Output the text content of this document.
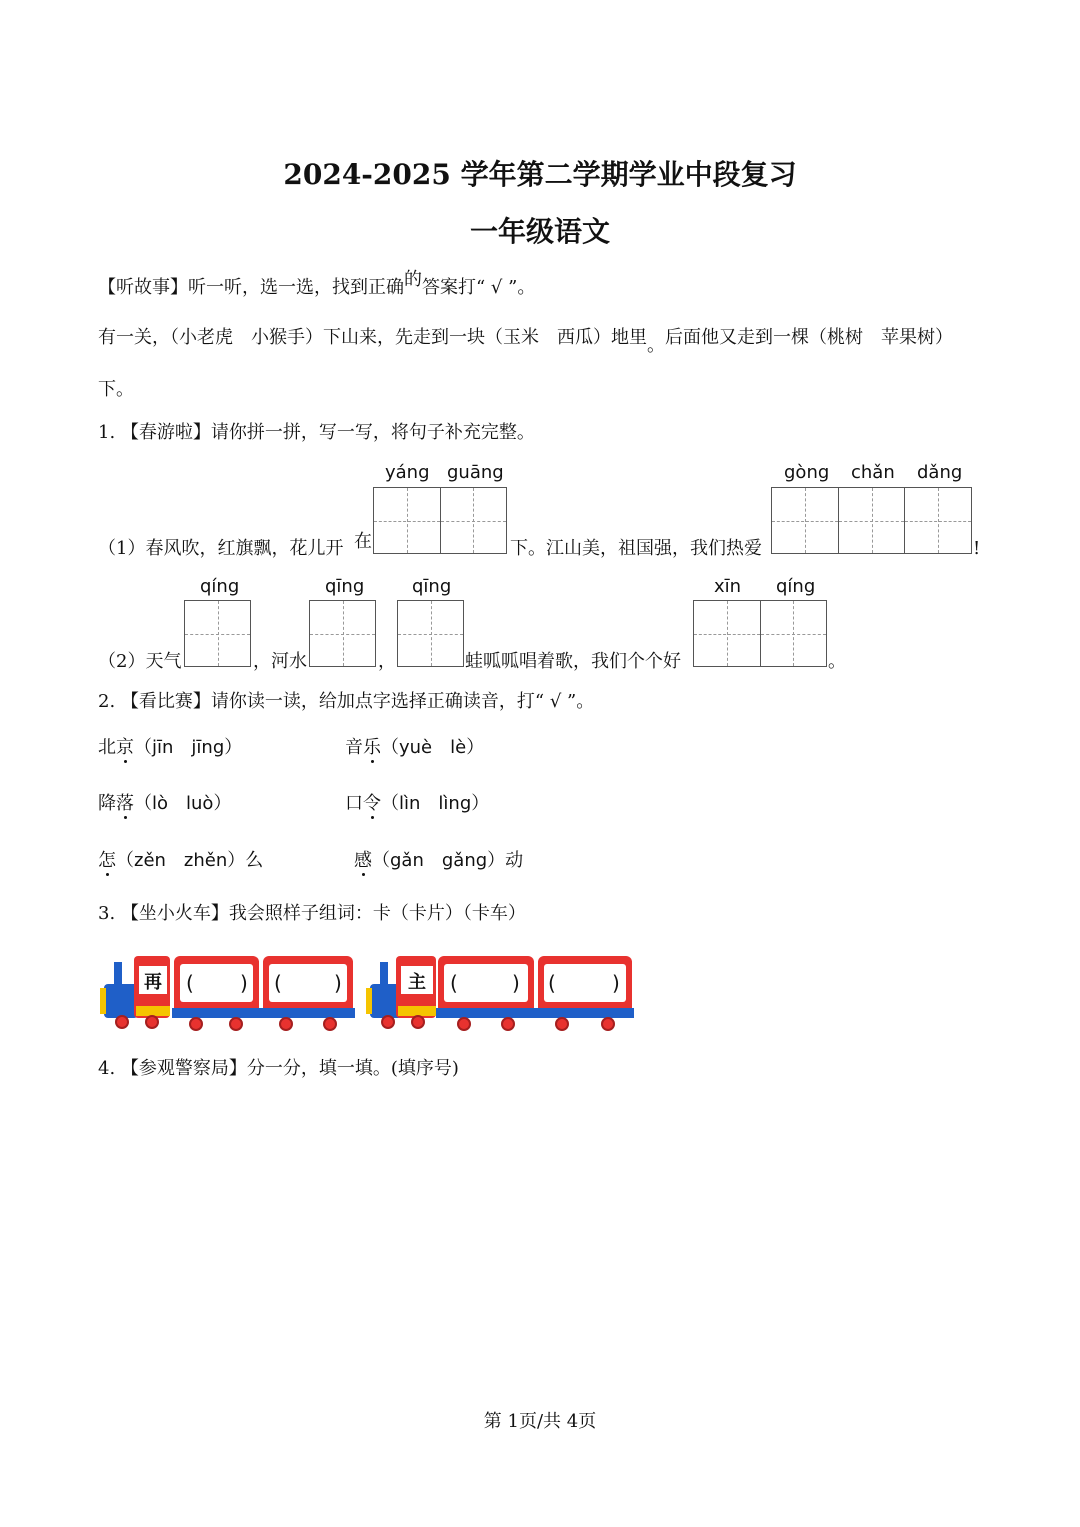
2024-2025 学年第二学期学业中段复习
一年级语文
【听故事】听一听，选一选，找到正确的答案打“ √ ”。
有一关，（小老虎　小猴手）下山来，先走到一块（玉米　西瓜）地里。后面他又走到一棵（桃树　苹果树）
下。
1. 【春游啦】请你拼一拼，写一写，将句子补充完整。
yáng guāng	gòng chǎn dǎng
（1）春风吹，红旗飘，花儿开 在	下。江山美，祖国强，我们热爱	!
qíng	qīng	qīng	xīn qíng
（2）天气	，河水	，	蛙呱呱唱着歌，我们个个好	。
2. 【看比赛】请你读一读，给加点字选择正确读音，打“ √ ”。
北京（jīn　jīng）	音乐（yuè　lè）
降落（lò　luò）	口令（lìn　lìng）
怎（zěn　zhěn）么	感（gǎn　gǎng）动
3. 【坐小火车】我会照样子组词：卡（卡片）（卡车）
再 ( ) (	)	主 (	) (	)
4. 【参观警察局】分一分，填一填。(填序号)
第 1页/共 4页
